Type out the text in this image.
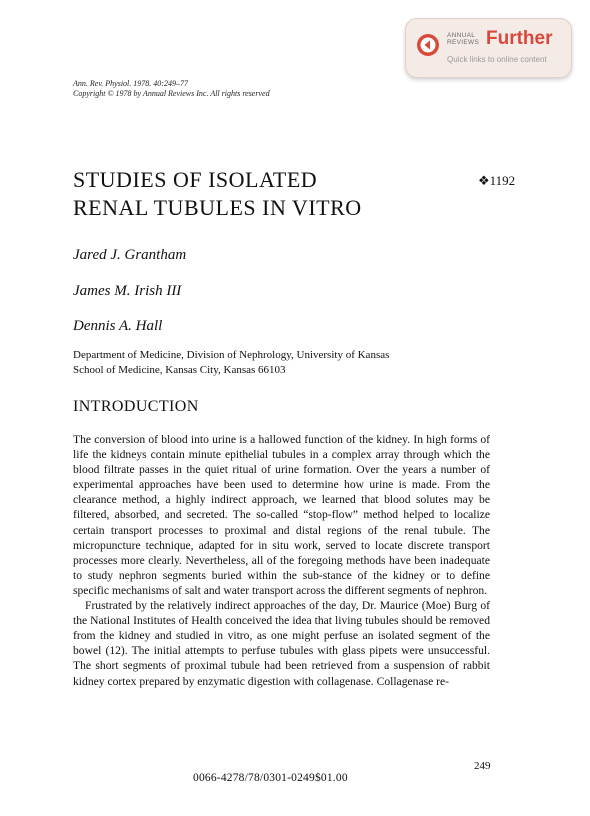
ANNUAL
REVIEWS Further
Quick links to online content
Ann. Rev. Physiol. 1978. 40:249–77
Copyright © 1978 by Annual Reviews Inc. All rights reserved
STUDIES OF ISOLATED
RENAL TUBULES IN VITRO
❖1192
Jared J. Grantham
James M. Irish III
Dennis A. Hall
Department of Medicine, Division of Nephrology, University of Kansas
School of Medicine, Kansas City, Kansas 66103
INTRODUCTION

The conversion of blood into urine is a hallowed function of the kidney. In high forms of life the kidneys contain minute epithelial tubules in a complex array through which the blood filtrate passes in the quiet ritual of urine formation. Over the years a number of experimental approaches have been used to determine how urine is made. From the clearance method, a highly indirect approach, we learned that blood solutes may be filtered, absorbed, and secreted. The so-called “stop-flow” method helped to localize certain transport processes to proximal and distal regions of the renal tubule. The micropuncture technique, adapted for in situ work, served to locate discrete transport processes more clearly. Nevertheless, all of the foregoing methods have been inadequate to study nephron segments buried within the sub-stance of the kidney or to define specific mechanisms of salt and water transport across the different segments of nephron.

Frustrated by the relatively indirect approaches of the day, Dr. Maurice (Moe) Burg of the National Institutes of Health conceived the idea that living tubules should be removed from the kidney and studied in vitro, as one might perfuse an isolated segment of the bowel (12). The initial attempts to perfuse tubules with glass pipets were unsuccessful. The short segments of proximal tubule had been retrieved from a suspension of rabbit kidney cortex prepared by enzymatic digestion with collagenase. Collagenase re-

249
0066-4278/78/0301-0249$01.00
